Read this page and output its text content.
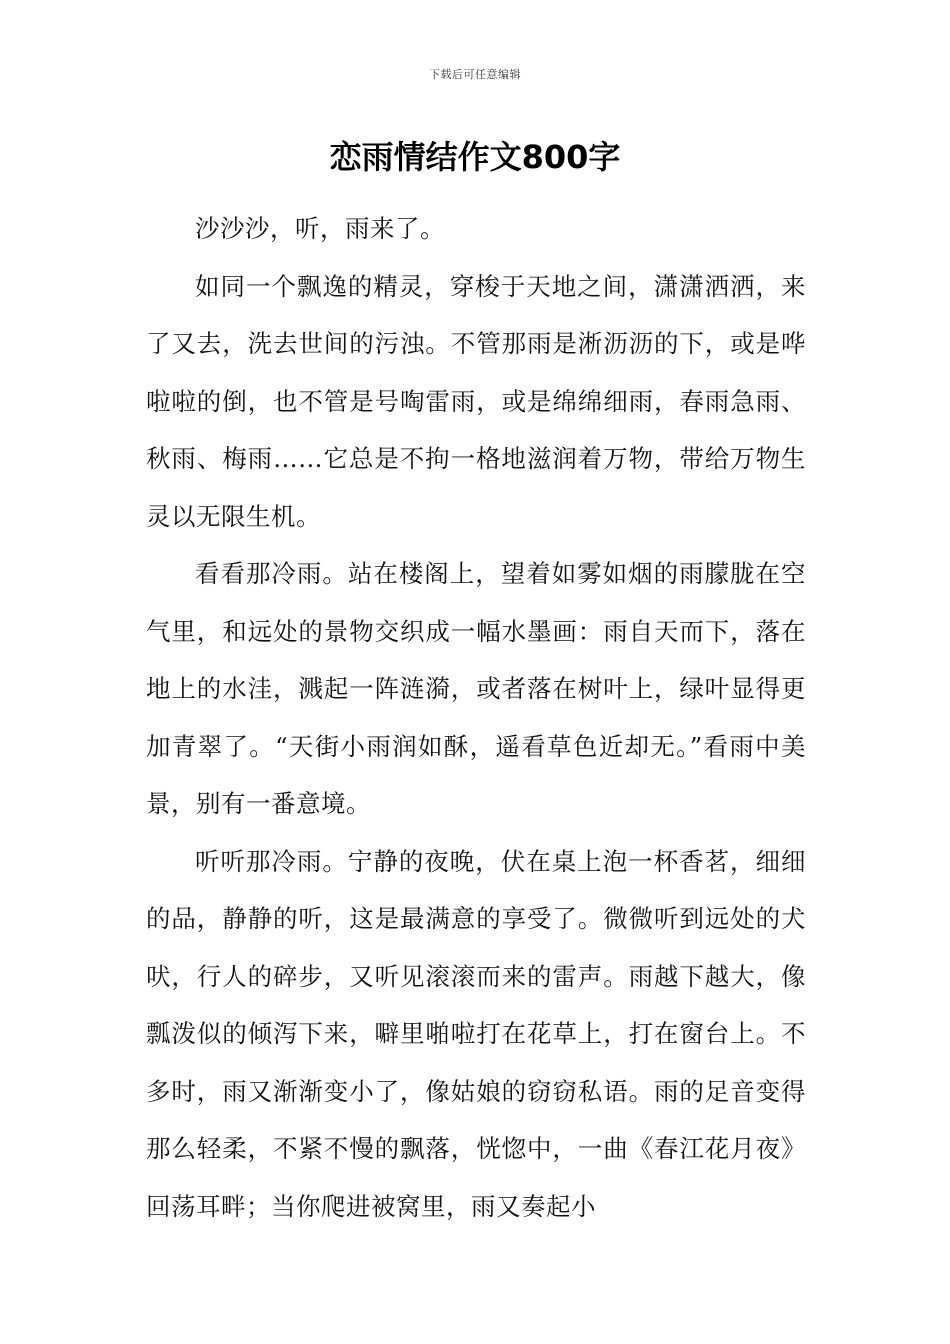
下载后可任意编辑
恋雨情结作文800字

沙沙沙，听，雨来了。

如同一个飘逸的精灵，穿梭于天地之间，潇潇洒洒，来了又去，洗去世间的污浊。不管那雨是淅沥沥的下，或是哗啦啦的倒，也不管是号啕雷雨，或是绵绵细雨，春雨急雨、秋雨、梅雨……它总是不拘一格地滋润着万物，带给万物生灵以无限生机。

看看那冷雨。站在楼阁上，望着如雾如烟的雨朦胧在空气里，和远处的景物交织成一幅水墨画：雨自天而下，落在地上的水洼，溅起一阵涟漪，或者落在树叶上，绿叶显得更加青翠了。“天街小雨润如酥，遥看草色近却无。”看雨中美景，别有一番意境。

听听那冷雨。宁静的夜晚，伏在桌上泡一杯香茗，细细的品，静静的听，这是最满意的享受了。微微听到远处的犬吠，行人的碎步，又听见滚滚而来的雷声。雨越下越大，像瓢泼似的倾泻下来，噼里啪啦打在花草上，打在窗台上。不多时，雨又渐渐变小了，像姑娘的窃窃私语。雨的足音变得那么轻柔，不紧不慢的飘落，恍惚中，一曲《春江花月夜》回荡耳畔；当你爬进被窝里，雨又奏起小
